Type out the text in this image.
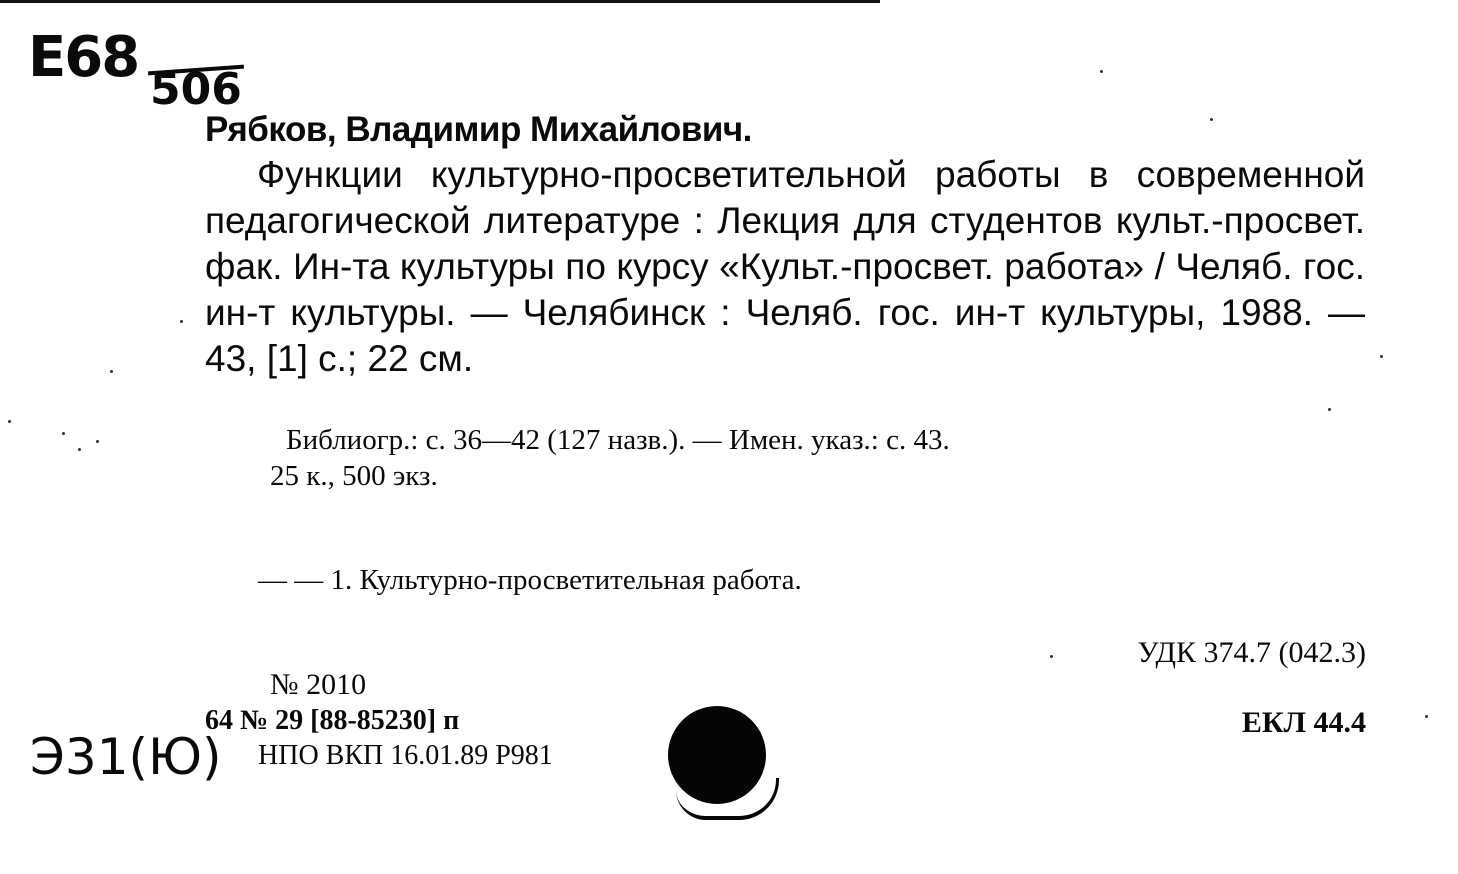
E68 506

Рябков, Владимир Михайлович.

Функции культурно-просветительной работы в современной педагогической литературе : Лекция для студентов культ.-просвет. фак. Ин-та культуры по курсу «Культ.-просвет. работа» / Челяб. гос. ин-т культуры. — Челябинск : Челяб. гос. ин-т культуры, 1988. — 43, [1] с.; 22 см.

Библиогр.: с. 36—42 (127 назв.). — Имен. указ.: с. 43.
25 к., 500 экз.
— — 1. Культурно-просветительная работа.
УДК 374.7 (042.3)
№ 2010
64 № 29 [88-85230] п	ЕКЛ 44.4
Э31(Ю) НПО ВКП 16.01.89 Р981
